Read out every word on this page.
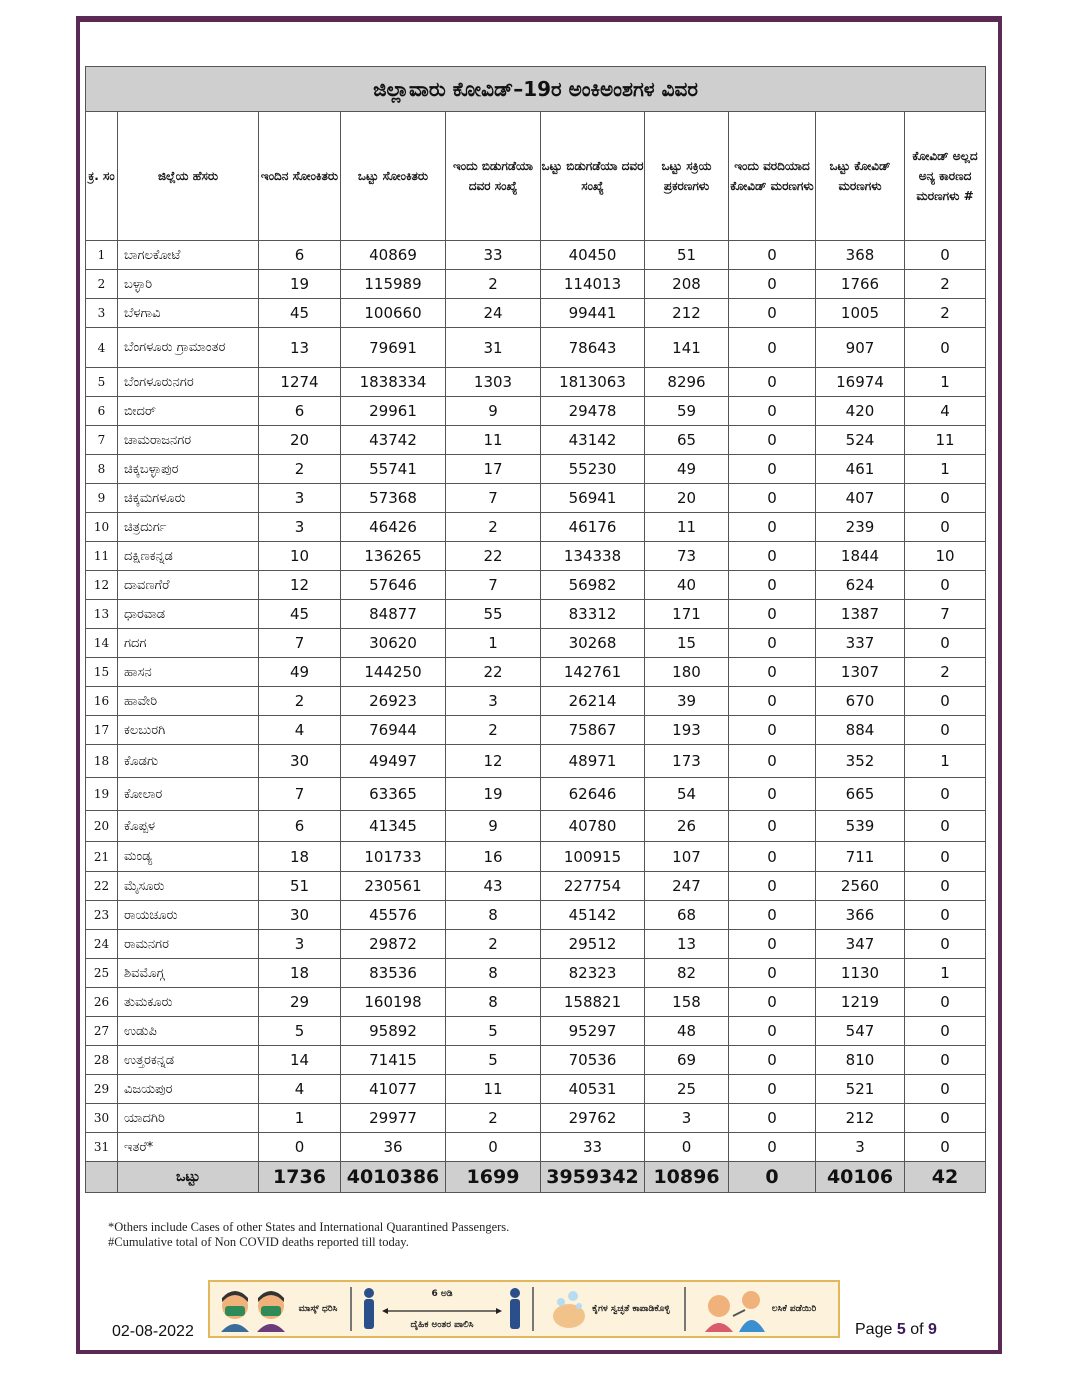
ಜಿಲ್ಲಾವಾರು ಕೋವಿಡ್–19ರ ಅಂಕಿಅಂಶಗಳ ವಿವರ									
ಕ್ರ. ಸಂ	ಜಿಲ್ಲೆಯ ಹೆಸರು	ಇಂದಿನ ಸೋಂಕಿತರು	ಒಟ್ಟು ಸೋಂಕಿತರು	ಇಂದು ಬಿಡುಗಡೆಯಾ ದವರ ಸಂಖ್ಯೆ	ಒಟ್ಟು ಬಿಡುಗಡೆಯಾ ದವರ ಸಂಖ್ಯೆ	ಒಟ್ಟು ಸಕ್ರಿಯ ಪ್ರಕರಣಗಳು	ಇಂದು ವರದಿಯಾದ ಕೋವಿಡ್ ಮರಣಗಳು	ಒಟ್ಟು ಕೋವಿಡ್ ಮರಣಗಳು	ಕೋವಿಡ್ ಅಲ್ಲದ ಅನ್ಯ ಕಾರಣದ ಮರಣಗಳು #
1	ಬಾಗಲಕೋಟೆ	6	40869	33	40450	51	0	368	0
2	ಬಳ್ಳಾರಿ	19	115989	2	114013	208	0	1766	2
3	ಬೆಳಗಾವಿ	45	100660	24	99441	212	0	1005	2
4	ಬೆಂಗಳೂರು ಗ್ರಾಮಾಂತರ	13	79691	31	78643	141	0	907	0
5	ಬೆಂಗಳೂರುನಗರ	1274	1838334	1303	1813063	8296	0	16974	1
6	ಬೀದರ್	6	29961	9	29478	59	0	420	4
7	ಚಾಮರಾಜನಗರ	20	43742	11	43142	65	0	524	11
8	ಚಿಕ್ಕಬಳ್ಳಾಪುರ	2	55741	17	55230	49	0	461	1
9	ಚಿಕ್ಕಮಗಳೂರು	3	57368	7	56941	20	0	407	0
10	ಚಿತ್ರದುರ್ಗ	3	46426	2	46176	11	0	239	0
11	ದಕ್ಷಿಣಕನ್ನಡ	10	136265	22	134338	73	0	1844	10
12	ದಾವಣಗೆರೆ	12	57646	7	56982	40	0	624	0
13	ಧಾರವಾಡ	45	84877	55	83312	171	0	1387	7
14	ಗದಗ	7	30620	1	30268	15	0	337	0
15	ಹಾಸನ	49	144250	22	142761	180	0	1307	2
16	ಹಾವೇರಿ	2	26923	3	26214	39	0	670	0
17	ಕಲಬುರಗಿ	4	76944	2	75867	193	0	884	0
18	ಕೊಡಗು	30	49497	12	48971	173	0	352	1
19	ಕೋಲಾರ	7	63365	19	62646	54	0	665	0
20	ಕೊಪ್ಪಳ	6	41345	9	40780	26	0	539	0
21	ಮಂಡ್ಯ	18	101733	16	100915	107	0	711	0
22	ಮೈಸೂರು	51	230561	43	227754	247	0	2560	0
23	ರಾಯಚೂರು	30	45576	8	45142	68	0	366	0
24	ರಾಮನಗರ	3	29872	2	29512	13	0	347	0
25	ಶಿವಮೊಗ್ಗ	18	83536	8	82323	82	0	1130	1
26	ತುಮಕೂರು	29	160198	8	158821	158	0	1219	0
27	ಉಡುಪಿ	5	95892	5	95297	48	0	547	0
28	ಉತ್ತರಕನ್ನಡ	14	71415	5	70536	69	0	810	0
29	ವಿಜಯಪುರ	4	41077	11	40531	25	0	521	0
30	ಯಾದಗಿರಿ	1	29977	2	29762	3	0	212	0
31	ಇತರೆ*	0	36	0	33	0	0	3	0
	ಒಟ್ಟು	1736	4010386	1699	3959342	10896	0	40106	42
*Others include Cases of other States and International Quarantined Passengers.
#Cumulative total of Non COVID deaths reported till today.
02-08-2022
ಮಾಸ್ಕ್ ಧರಿಸಿ
6 ಅಡಿ
ದೈಹಿಕ ಅಂತರ ಪಾಲಿಸಿ
ಕೈಗಳ ಸ್ವಚ್ಛತೆ ಕಾಪಾಡಿಕೊಳ್ಳಿ	ಲಸಿಕೆ ಪಡೆಯಿರಿ
Page 5 of 9
